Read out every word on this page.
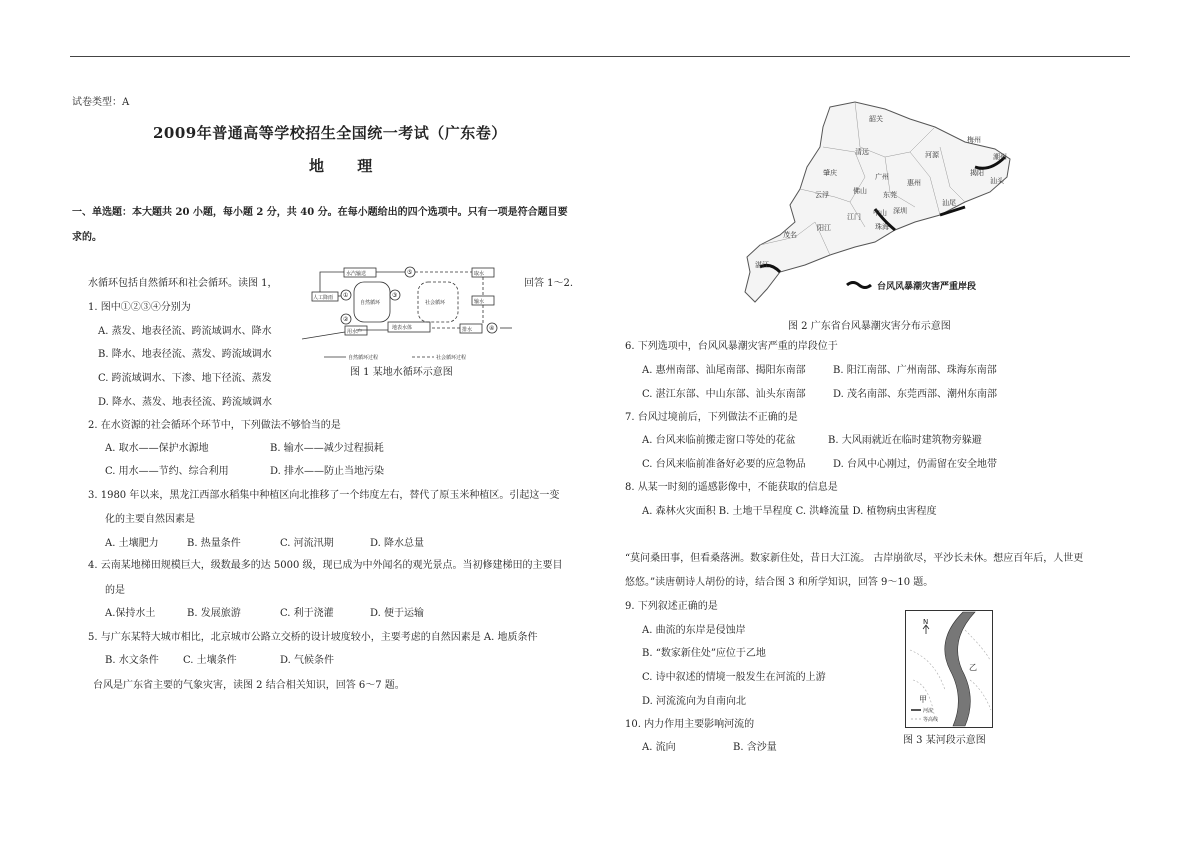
试卷类型：A
2009年普通高等学校招生全国统一考试（广东卷）
地 理
一、单选题：本大题共 20 小题，每小题 2 分，共 40 分。在每小题给出的四个选项中。只有一项是符合题目要
求的。
水循环包括自然循环和社会循环。读图 1，	回答 1～2.
水汽输送
人工降雨
自然循环
用水户
地表水体
社会循环
取水
输水
排水
①
②
③
④
⑤
自然循环过程	社会循环过程
图 1 某地水循环示意图
1. 图中①②③④分别为
A. 蒸发、地表径流、跨流域调水、降水
B. 降水、地表径流、蒸发、跨流域调水
C. 跨流域调水、下渗、地下径流、蒸发
D. 降水、蒸发、地表径流、跨流域调水
2. 在水资源的社会循环个环节中，下列做法不够恰当的是
A. 取水——保护水源地	B. 输水——减少过程损耗
C. 用水——节约、综合利用	D. 排水——防止当地污染
3. 1980 年以来，黑龙江西部水稻集中种植区向北推移了一个纬度左右，替代了原玉米种植区。引起这一变
化的主要自然因素是
A. 土壤肥力	B. 热量条件	C. 河流汛期	D. 降水总量
4. 云南某地梯田规模巨大，级数最多的达 5000 级，现已成为中外闻名的观光景点。当初修建梯田的主要目
的是
A.保持水土	B. 发展旅游	C. 利于浇灌	D. 便于运输
5. 与广东某特大城市相比，北京城市公路立交桥的设计坡度较小，主要考虑的自然因素是 A. 地质条件
B. 水文条件 C. 土壤条件	D. 气候条件
台风是广东省主要的气象灾害，读图 2 结合相关知识，回答 6～7 题。
韶关
清远	河源
梅州
肇庆	广州
惠州
潮州
揭阳
汕头
云浮	佛山 东莞
汕尾
深圳
江门 中山
珠海
阳江
茂名
湛江
台风风暴潮灾害严重岸段
图 2 广东省台风暴潮灾害分布示意图
6. 下列选项中，台风风暴潮灾害严重的岸段位于
A. 惠州南部、汕尾南部、揭阳东南部	B. 阳江南部、广州南部、珠海东南部
C. 湛江东部、中山东部、汕头东南部	D. 茂名南部、东莞西部、潮州东南部
7. 台风过境前后，下列做法不正确的是
A. 台风来临前搬走窗口等处的花盆	B. 大风雨就近在临时建筑物旁躲避
C. 台风来临前准备好必要的应急物品	D. 台风中心刚过，仍需留在安全地带
8. 从某一时刻的遥感影像中，不能获取的信息是
A. 森林火灾面积 B. 土地干旱程度 C. 洪峰流量 D. 植物病虫害程度
“莫问桑田事，但看桑落洲。数家新住处，昔日大江流。 古岸崩欲尽，平沙长未休。想应百年后，人世更
悠悠。”读唐朝诗人胡份的诗，结合图 3 和所学知识，回答 9～10 题。
9. 下列叙述正确的是
A. 曲流的东岸是侵蚀岸
B. “数家新住处”应位于乙地
C. 诗中叙述的情境一般发生在河流的上游
D. 河流流向为自南向北
10. 内力作用主要影响河流的
A. 流向	B. 含沙量
N
甲
乙
河流
等高线
图 3 某河段示意图
